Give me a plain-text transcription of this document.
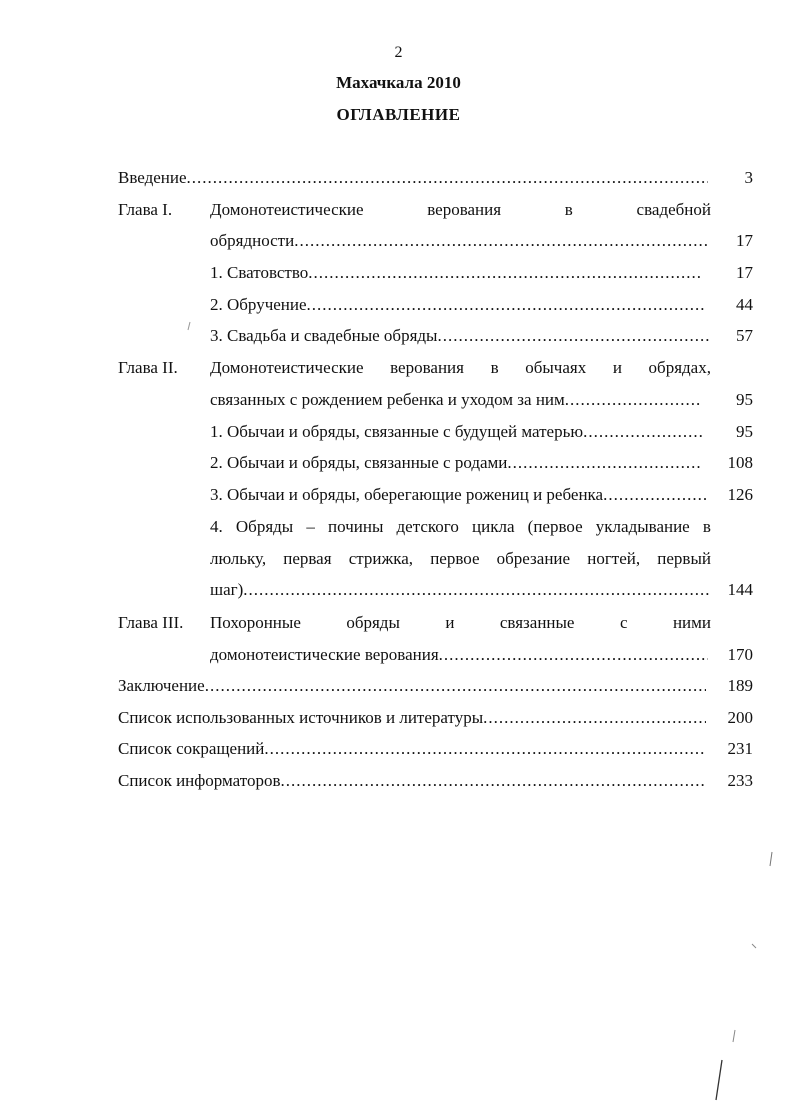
2
Махачкала 2010
ОГЛАВЛЕНИЕ
Введение .....	3
Глава I. Домонотеистические	верования	в	свадебной
обрядности .....	17
1. Сватовство .....	17
2. Обручение .....	44
3. Свадьба и свадебные обряды .....	57
Глава II. Домонотеистические верования в обычаях и обрядах,
связанных с рождением ребенка и уходом за ним .....	95
1. Обычаи и обряды, связанные с будущей матерью .....	95
2. Обычаи и обряды, связанные с родами .....	108
3. Обычаи и обряды, оберегающие рожениц и ребенка .....	126
4. Обряды – почины детского цикла (первое укладывание в
люльку, первая стрижка, первое обрезание ногтей, первый
шаг) .....	144
Глава III. Похоронные	обряды	и	связанные	с	ними
домонотеистические верования .....	170
Заключение .....	189
Список использованных источников и литературы .....	200
Список сокращений .....	231
Список информаторов .....	233
